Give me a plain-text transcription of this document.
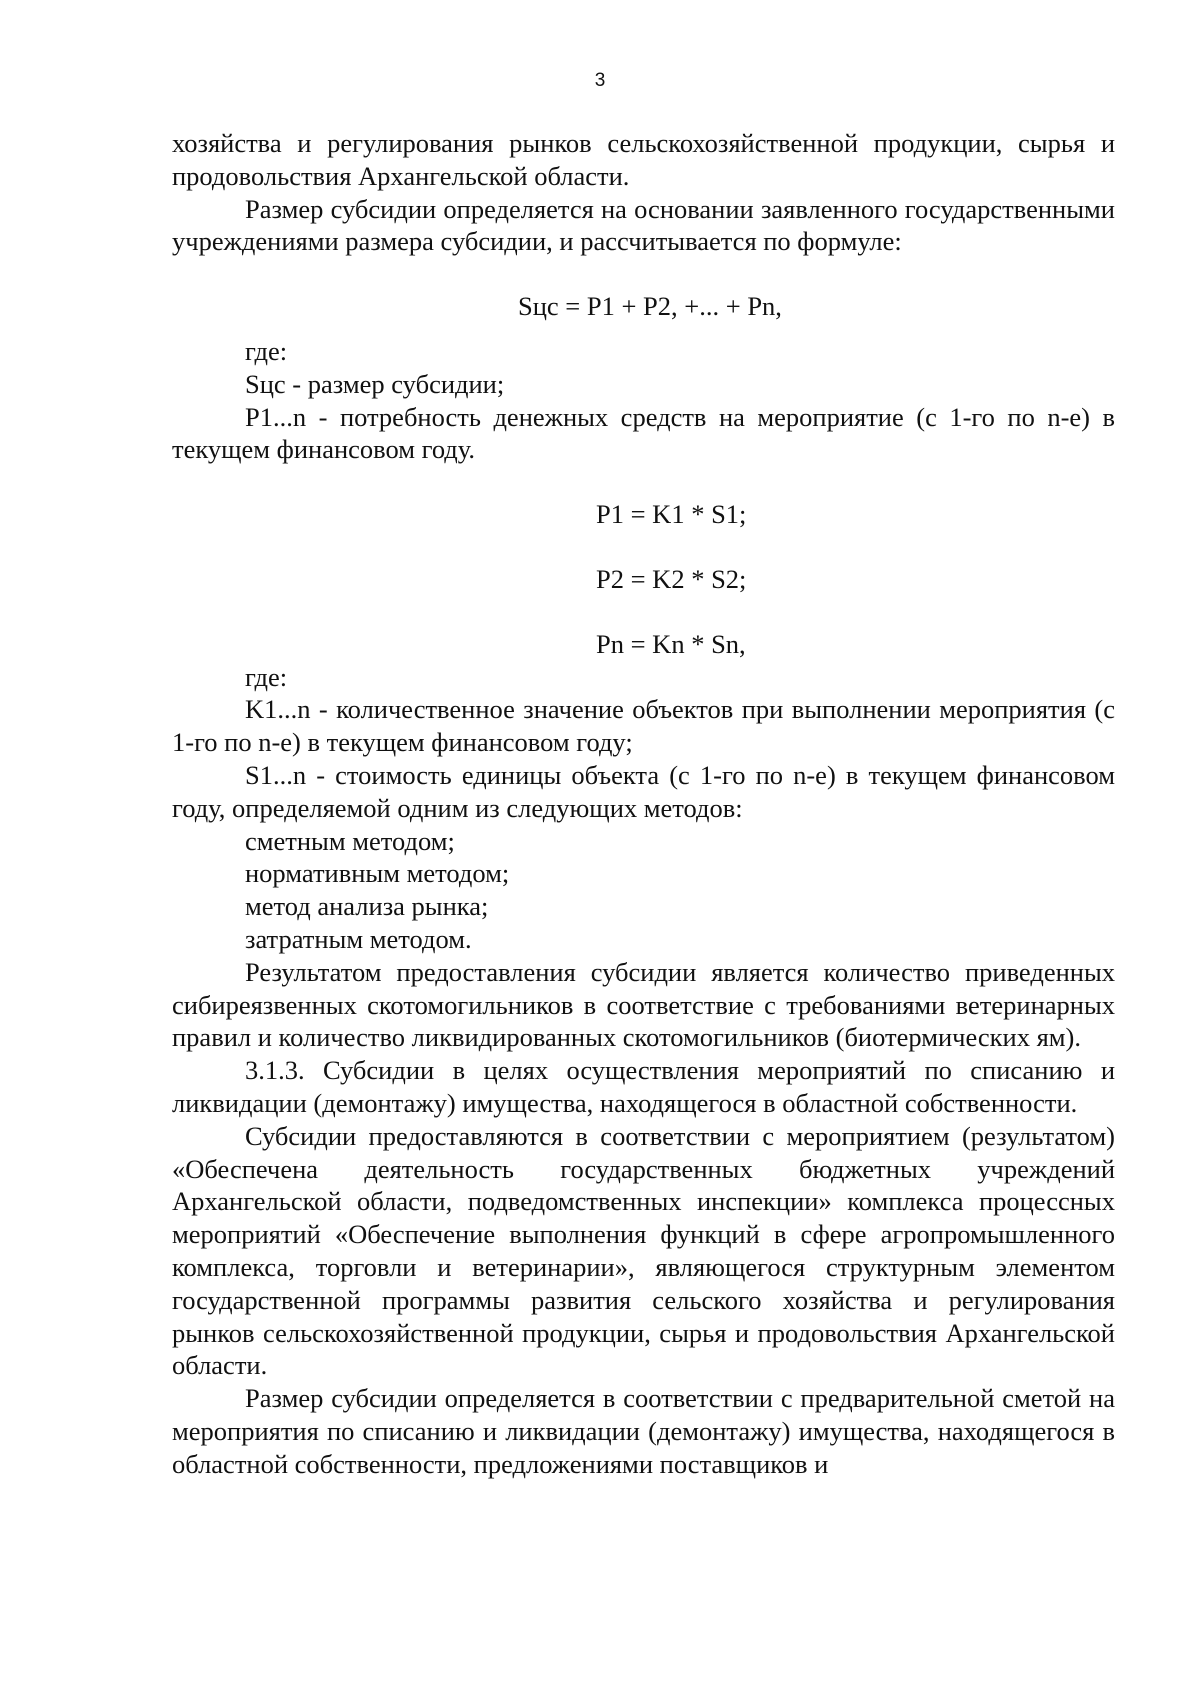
3

хозяйства и регулирования рынков сельскохозяйственной продукции, сырья и продовольствия Архангельской области.

Размер субсидии определяется на основании заявленного государственными учреждениями размера субсидии, и рассчитывается по формуле:

Sцс = P1 + P2, +... + Pn,

где:

Sцс - размер субсидии;

P1...n - потребность денежных средств на мероприятие (с 1-го по n-е) в текущем финансовом году.

P1 = K1 * S1;

P2 = K2 * S2;

Pn = Kn * Sn,

где:

K1...n - количественное значение объектов при выполнении мероприятия (с 1-го по n-е) в текущем финансовом году;

S1...n - стоимость единицы объекта (с 1-го по n-е) в текущем финансовом году, определяемой одним из следующих методов:

сметным методом;

нормативным методом;

метод анализа рынка;

затратным методом.

Результатом предоставления субсидии является количество приведенных сибиреязвенных скотомогильников в соответствие с требованиями ветеринарных правил и количество ликвидированных скотомогильников (биотермических ям).

3.1.3. Субсидии в целях осуществления мероприятий по списанию и ликвидации (демонтажу) имущества, находящегося в областной собственности.

Субсидии предоставляются в соответствии с мероприятием (результатом) «Обеспечена деятельность государственных бюджетных учреждений Архангельской области, подведомственных инспекции» комплекса процессных мероприятий «Обеспечение выполнения функций в сфере агропромышленного комплекса, торговли и ветеринарии», являющегося структурным элементом государственной программы развития сельского хозяйства и регулирования рынков сельскохозяйственной продукции, сырья и продовольствия Архангельской области.

Размер субсидии определяется в соответствии с предварительной сметой на мероприятия по списанию и ликвидации (демонтажу) имущества, находящегося в областной собственности, предложениями поставщиков и
